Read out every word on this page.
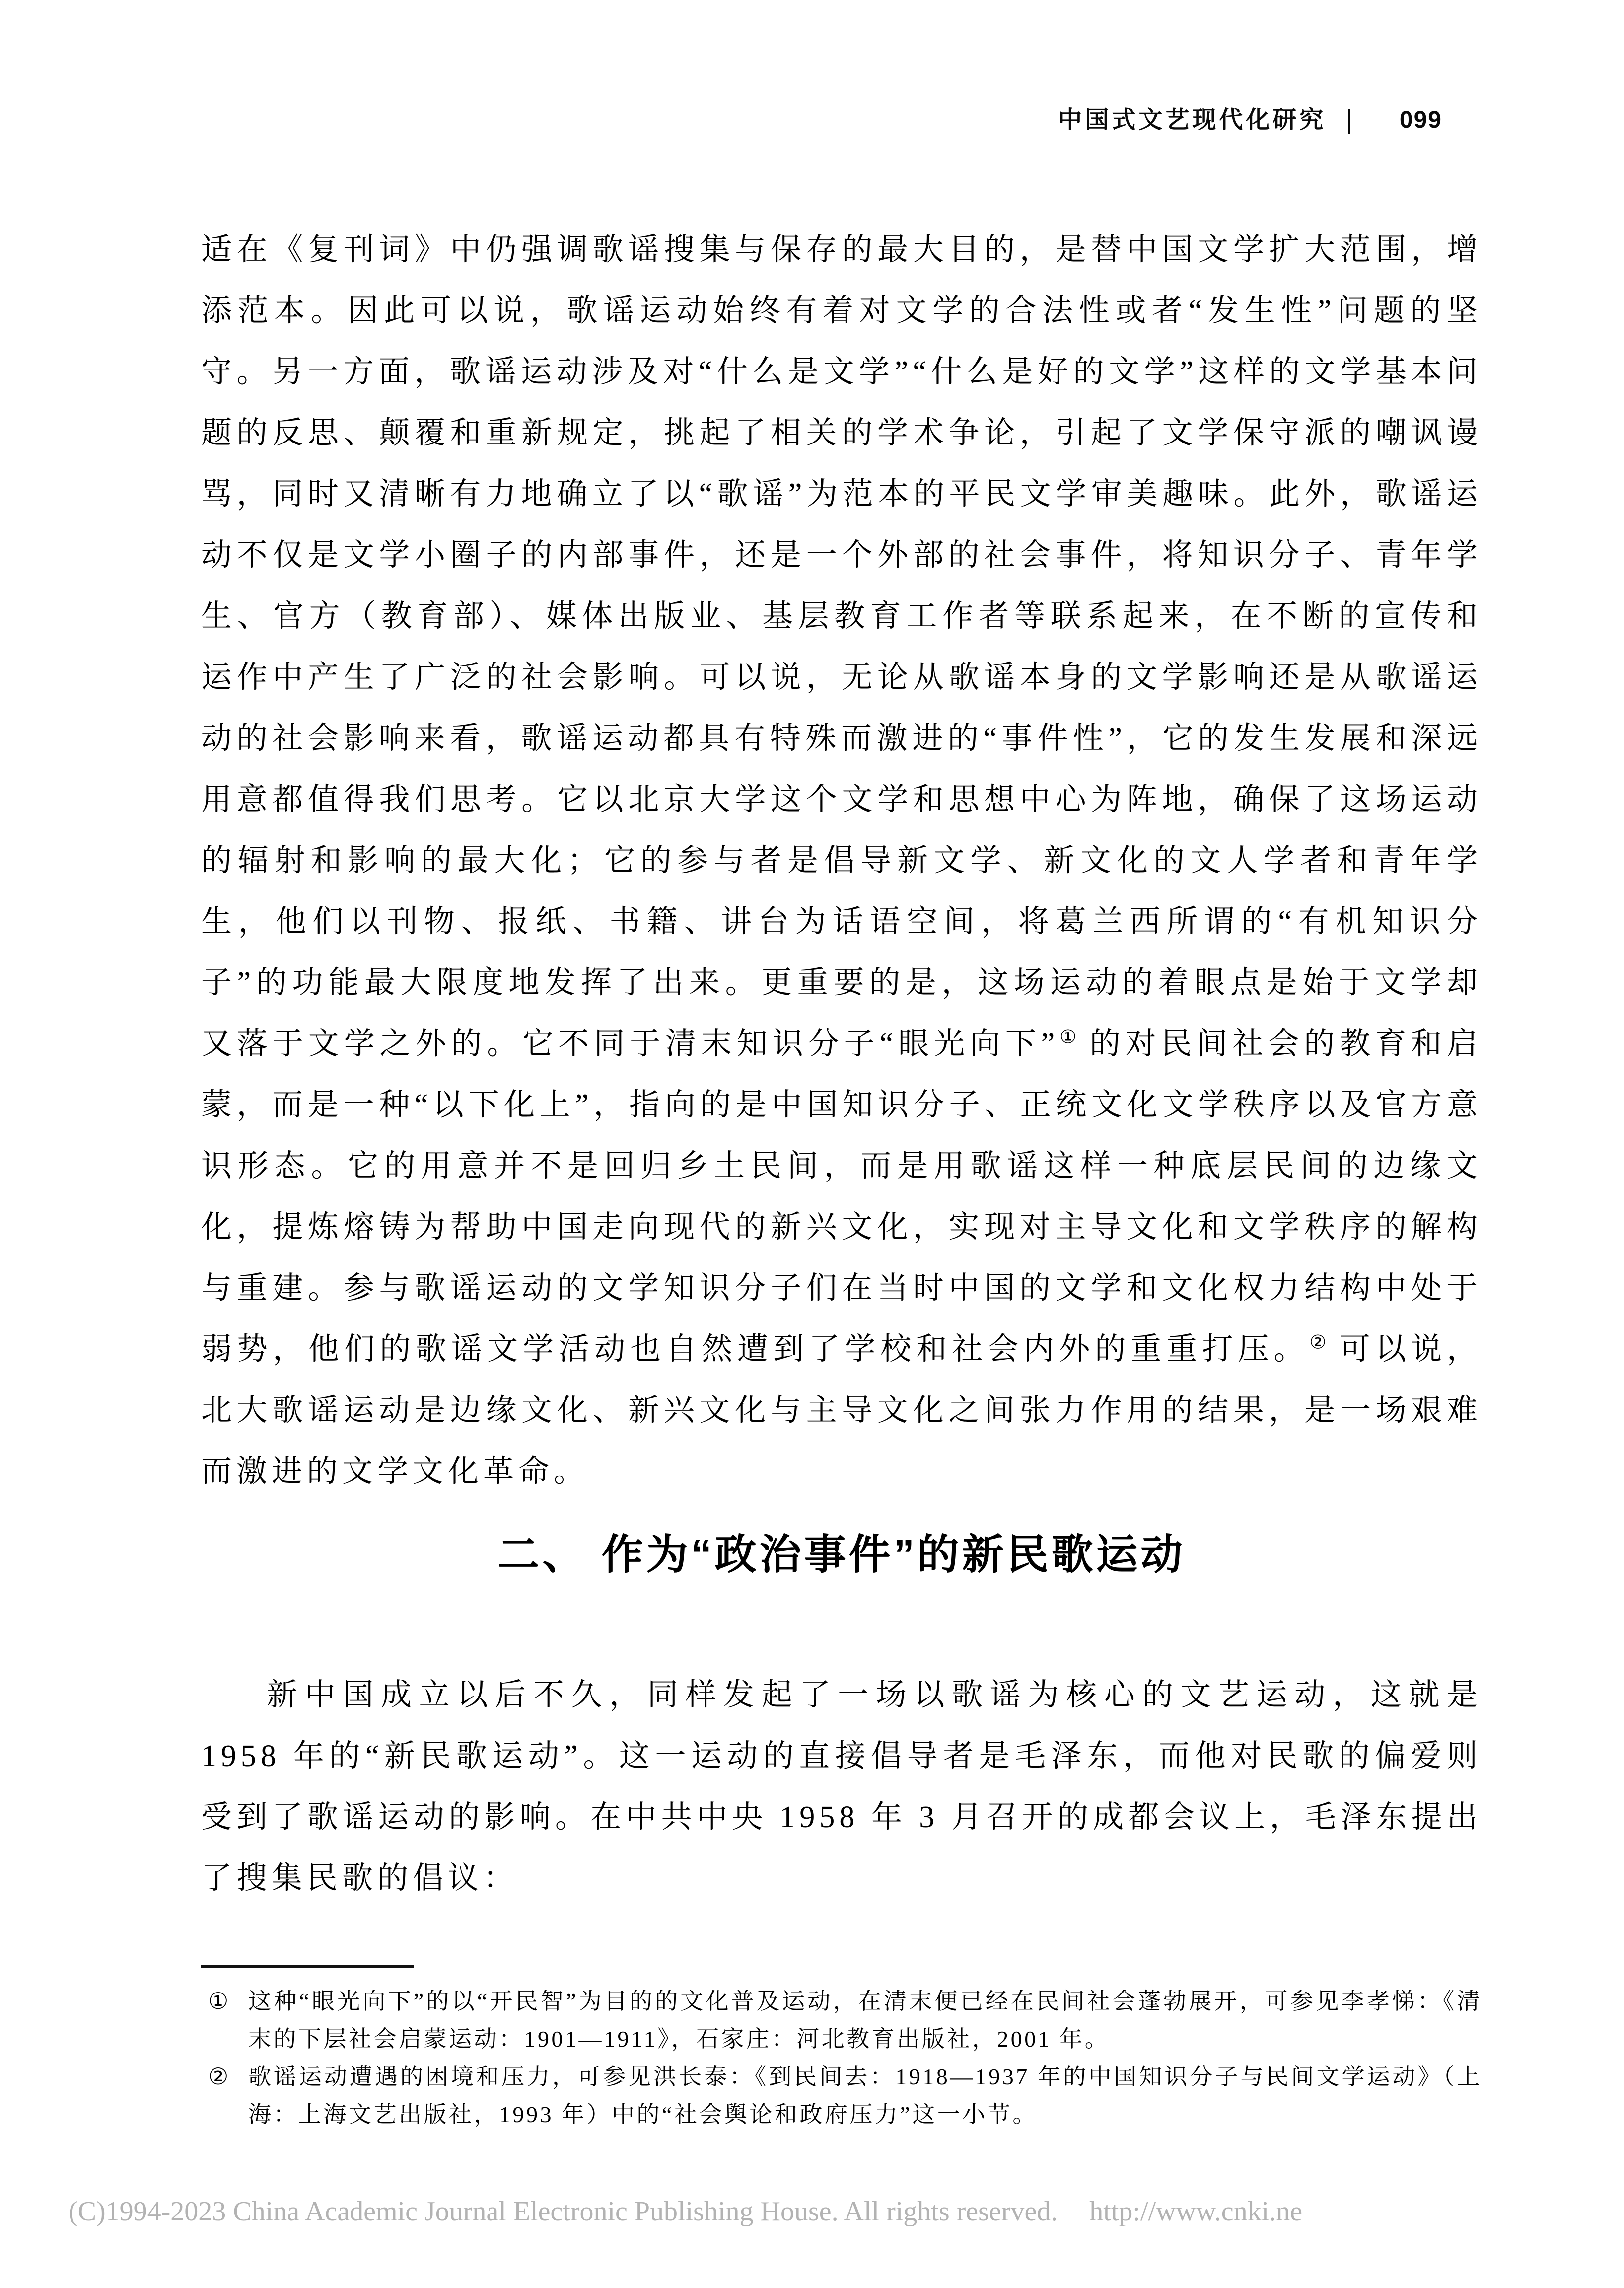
中国式文艺现代化研究 | 099
适在《复刊词》中仍强调歌谣搜集与保存的最大目的，是替中国文学扩大范围，增添范本。因此可以说，歌谣运动始终有着对文学的合法性或者“发生性”问题的坚守。另一方面，歌谣运动涉及对“什么是文学”“什么是好的文学”这样的文学基本问题的反思、颠覆和重新规定，挑起了相关的学术争论，引起了文学保守派的嘲讽谩骂，同时又清晰有力地确立了以“歌谣”为范本的平民文学审美趣味。此外，歌谣运动不仅是文学小圈子的内部事件，还是一个外部的社会事件，将知识分子、青年学生、官方（教育部）、媒体出版业、基层教育工作者等联系起来，在不断的宣传和运作中产生了广泛的社会影响。可以说，无论从歌谣本身的文学影响还是从歌谣运动的社会影响来看，歌谣运动都具有特殊而激进的“事件性”，它的发生发展和深远用意都值得我们思考。它以北京大学这个文学和思想中心为阵地，确保了这场运动的辐射和影响的最大化；它的参与者是倡导新文学、新文化的文人学者和青年学生，他们以刊物、报纸、书籍、讲台为话语空间，将葛兰西所谓的“有机知识分子”的功能最大限度地发挥了出来。更重要的是，这场运动的着眼点是始于文学却又落于文学之外的。它不同于清末知识分子“眼光向下”① 的对民间社会的教育和启蒙，而是一种“以下化上”，指向的是中国知识分子、正统文化文学秩序以及官方意识形态。它的用意并不是回归乡土民间，而是用歌谣这样一种底层民间的边缘文化，提炼熔铸为帮助中国走向现代的新兴文化，实现对主导文化和文学秩序的解构与重建。参与歌谣运动的文学知识分子们在当时中国的文学和文化权力结构中处于弱势，他们的歌谣文学活动也自然遭到了学校和社会内外的重重打压。② 可以说，北大歌谣运动是边缘文化、新兴文化与主导文化之间张力作用的结果，是一场艰难而激进的文学文化革命。
二、 作为“政治事件”的新民歌运动
新中国成立以后不久，同样发起了一场以歌谣为核心的文艺运动，这就是 1958 年的“新民歌运动”。这一运动的直接倡导者是毛泽东，而他对民歌的偏爱则受到了歌谣运动的影响。在中共中央 1958 年 3 月召开的成都会议上，毛泽东提出了搜集民歌的倡议：
① 这种“眼光向下”的以“开民智”为目的的文化普及运动，在清末便已经在民间社会蓬勃展开，可参见李孝悌：《清末的下层社会启蒙运动：1901—1911》，石家庄：河北教育出版社，2001 年。
② 歌谣运动遭遇的困境和压力，可参见洪长泰：《到民间去：1918—1937 年的中国知识分子与民间文学运动》（上海：上海文艺出版社，1993 年）中的“社会舆论和政府压力”这一小节。
(C)1994-2023 China Academic Journal Electronic Publishing House. All rights reserved. http://www.cnki.ne
